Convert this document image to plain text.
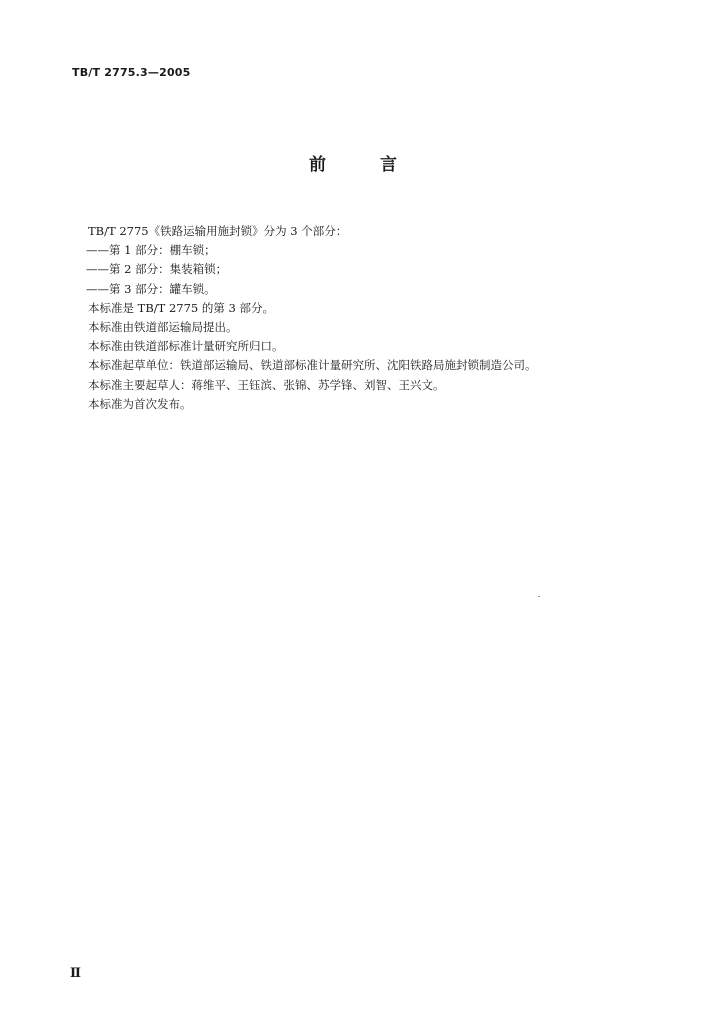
TB/T 2775.3—2005
前	言
TB/T 2775《铁路运输用施封锁》分为 3 个部分：
——第 1 部分：棚车锁；
——第 2 部分：集装箱锁；
——第 3 部分：罐车锁。
本标准是 TB/T 2775 的第 3 部分。
本标准由铁道部运输局提出。
本标准由铁道部标准计量研究所归口。
本标准起草单位：铁道部运输局、铁道部标准计量研究所、沈阳铁路局施封锁制造公司。
本标准主要起草人：蒋维平、王钰滨、张锦、苏学锋、刘智、王兴文。
本标准为首次发布。
Ⅱ
